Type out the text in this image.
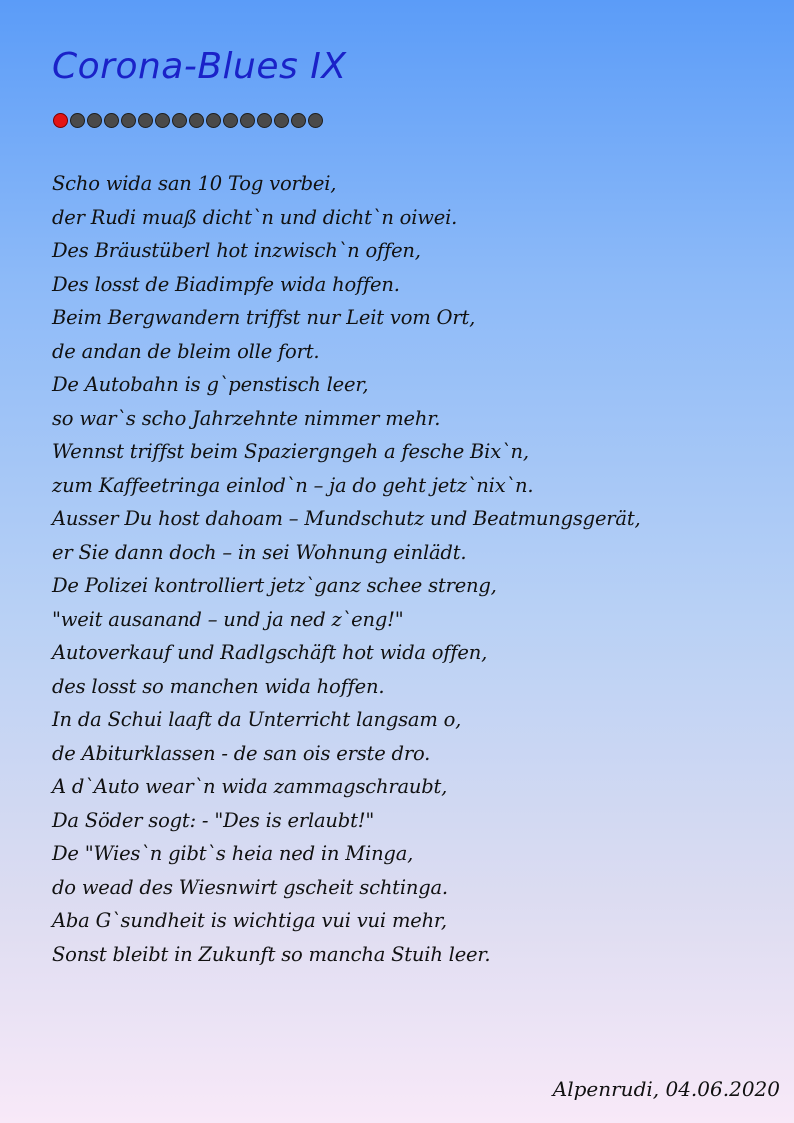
Corona-Blues IX
Scho wida san 10 Tog vorbei,
der Rudi muaß dicht`n und dicht`n oiwei.
Des Bräustüberl hot inzwisch`n offen,
Des losst de Biadimpfe wida hoffen.
Beim Bergwandern triffst nur Leit vom Ort,
de andan de bleim olle fort.
De Autobahn is g`penstisch leer,
so war`s scho Jahrzehnte nimmer mehr.
Wennst triffst beim Spaziergngeh a fesche Bix`n,
zum Kaffeetringa einlod`n – ja do geht jetz`nix`n.
Ausser Du host dahoam – Mundschutz und Beatmungsgerät,
er Sie dann doch – in sei Wohnung einlädt.
De Polizei kontrolliert jetz`ganz schee streng,
"weit ausanand – und ja ned z`eng!"
Autoverkauf und Radlgschäft hot wida offen,
des losst so manchen wida hoffen.
In da Schui laaft da Unterricht langsam o,
de Abiturklassen - de san ois erste dro.
A d`Auto wear`n wida zammagschraubt,
Da Söder sogt: - "Des is erlaubt!"
De "Wies`n gibt`s heia ned in Minga,
do wead des Wiesnwirt gscheit schtinga.
Aba G`sundheit is wichtiga vui vui mehr,
Sonst bleibt in Zukunft so mancha Stuih leer.
Alpenrudi, 04.06.2020
